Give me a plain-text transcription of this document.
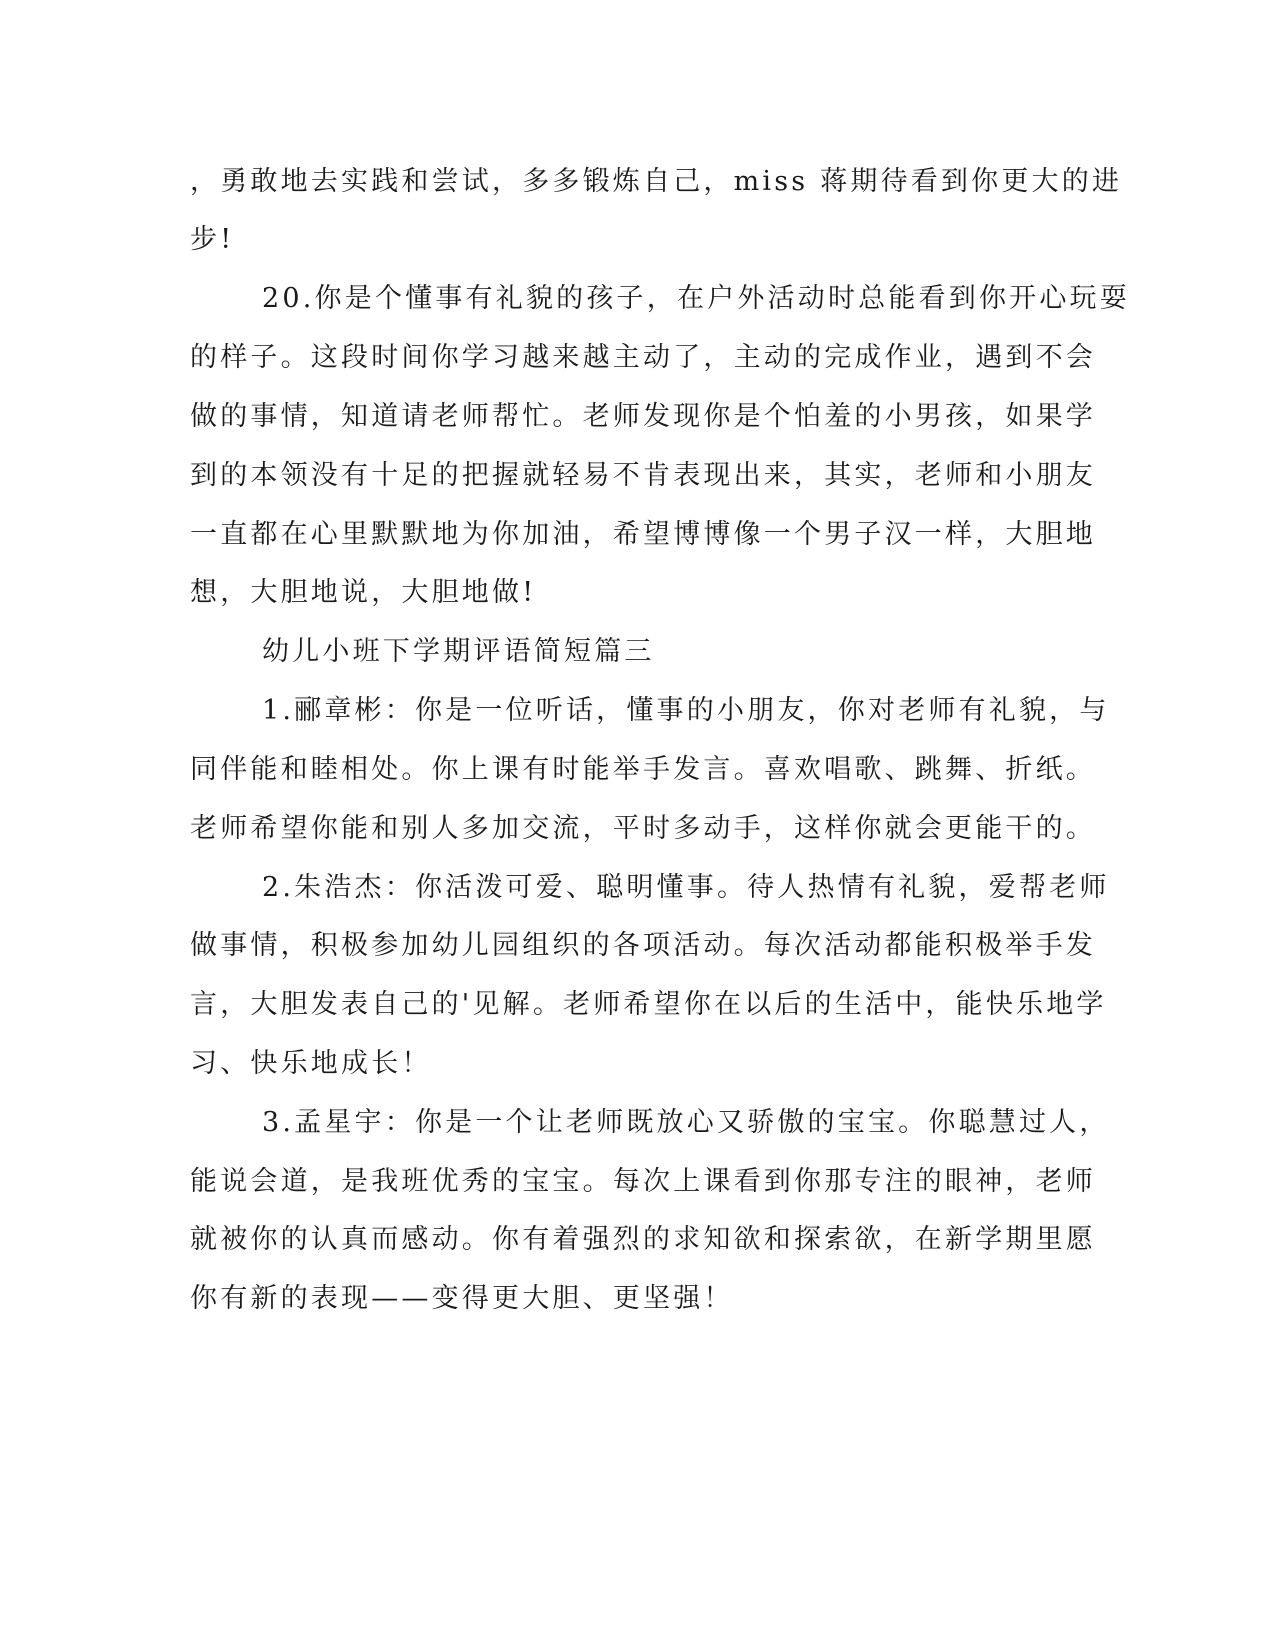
，勇敢地去实践和尝试，多多锻炼自己，miss 蒋期待看到你更大的进
步!
20.你是个懂事有礼貌的孩子，在户外活动时总能看到你开心玩耍
的样子。这段时间你学习越来越主动了，主动的完成作业，遇到不会
做的事情，知道请老师帮忙。老师发现你是个怕羞的小男孩，如果学
到的本领没有十足的把握就轻易不肯表现出来，其实，老师和小朋友
一直都在心里默默地为你加油，希望博博像一个男子汉一样，大胆地
想，大胆地说，大胆地做!
幼儿小班下学期评语简短篇三
1.郦章彬：你是一位听话，懂事的小朋友，你对老师有礼貌，与
同伴能和睦相处。你上课有时能举手发言。喜欢唱歌、跳舞、折纸。
老师希望你能和别人多加交流，平时多动手，这样你就会更能干的。
2.朱浩杰：你活泼可爱、聪明懂事。待人热情有礼貌，爱帮老师
做事情，积极参加幼儿园组织的各项活动。每次活动都能积极举手发
言，大胆发表自己的'见解。老师希望你在以后的生活中，能快乐地学
习、快乐地成长！
3.孟星宇：你是一个让老师既放心又骄傲的宝宝。你聪慧过人，
能说会道，是我班优秀的宝宝。每次上课看到你那专注的眼神，老师
就被你的认真而感动。你有着强烈的求知欲和探索欲，在新学期里愿
你有新的表现——变得更大胆、更坚强！
